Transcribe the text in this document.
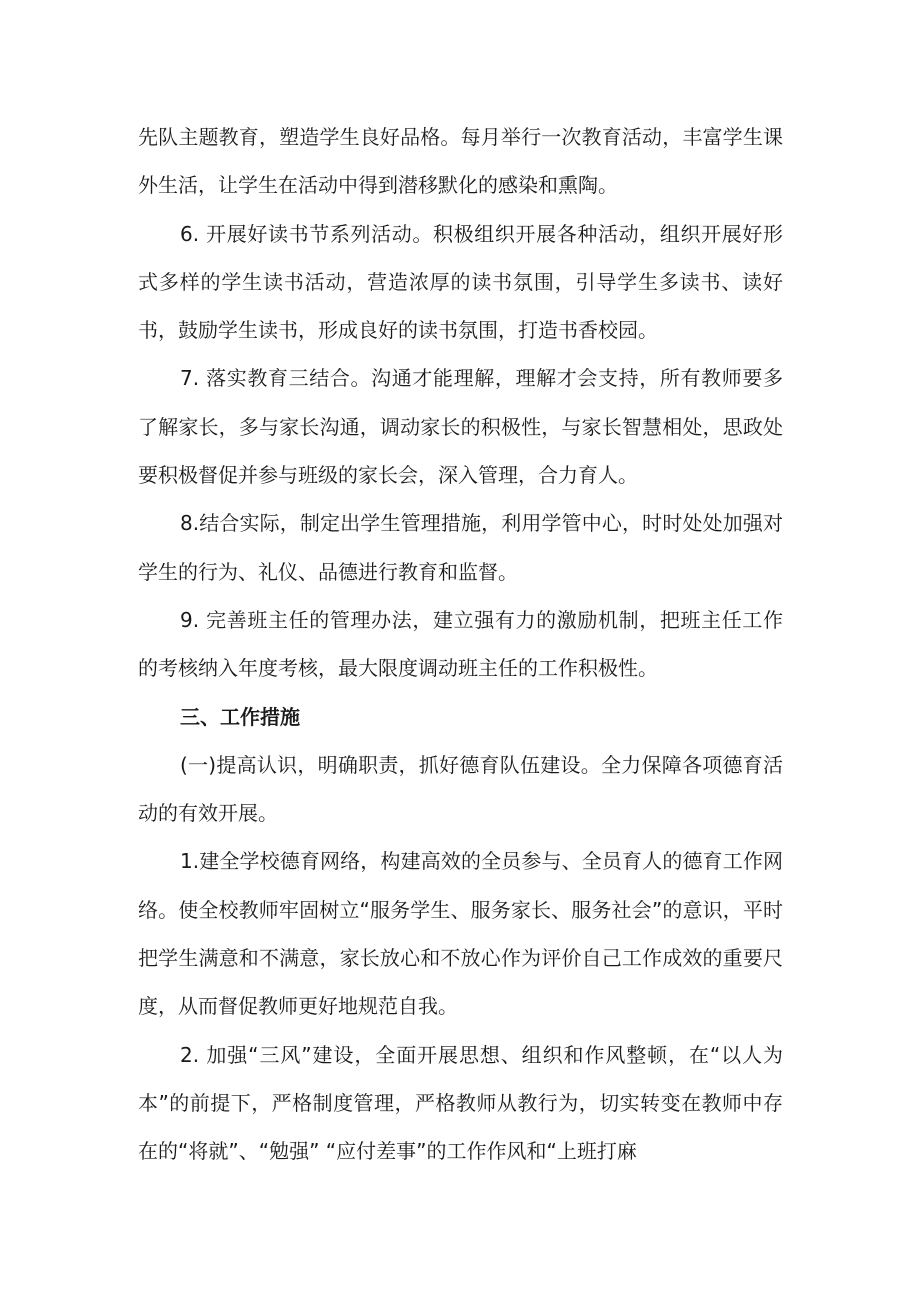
先队主题教育，塑造学生良好品格。每月举行一次教育活动，丰富学生课外生活，让学生在活动中得到潜移默化的感染和熏陶。

6. 开展好读书节系列活动。积极组织开展各种活动，组织开展好形式多样的学生读书活动，营造浓厚的读书氛围，引导学生多读书、读好书，鼓励学生读书，形成良好的读书氛围，打造书香校园。

7. 落实教育三结合。沟通才能理解，理解才会支持，所有教师要多了解家长，多与家长沟通，调动家长的积极性，与家长智慧相处，思政处要积极督促并参与班级的家长会，深入管理，合力育人。

8.结合实际，制定出学生管理措施，利用学管中心，时时处处加强对学生的行为、礼仪、品德进行教育和监督。

9. 完善班主任的管理办法，建立强有力的激励机制，把班主任工作的考核纳入年度考核，最大限度调动班主任的工作积极性。

三、工作措施

(一)提高认识，明确职责，抓好德育队伍建设。全力保障各项德育活动的有效开展。

1.建全学校德育网络，构建高效的全员参与、全员育人的德育工作网络。使全校教师牢固树立“服务学生、服务家长、服务社会”的意识，平时把学生满意和不满意，家长放心和不放心作为评价自己工作成效的重要尺度，从而督促教师更好地规范自我。

2. 加强“三风”建设，全面开展思想、组织和作风整顿，在“以人为本”的前提下，严格制度管理，严格教师从教行为，切实转变在教师中存在的“将就”、“勉强” “应付差事”的工作作风和“上班打麻
